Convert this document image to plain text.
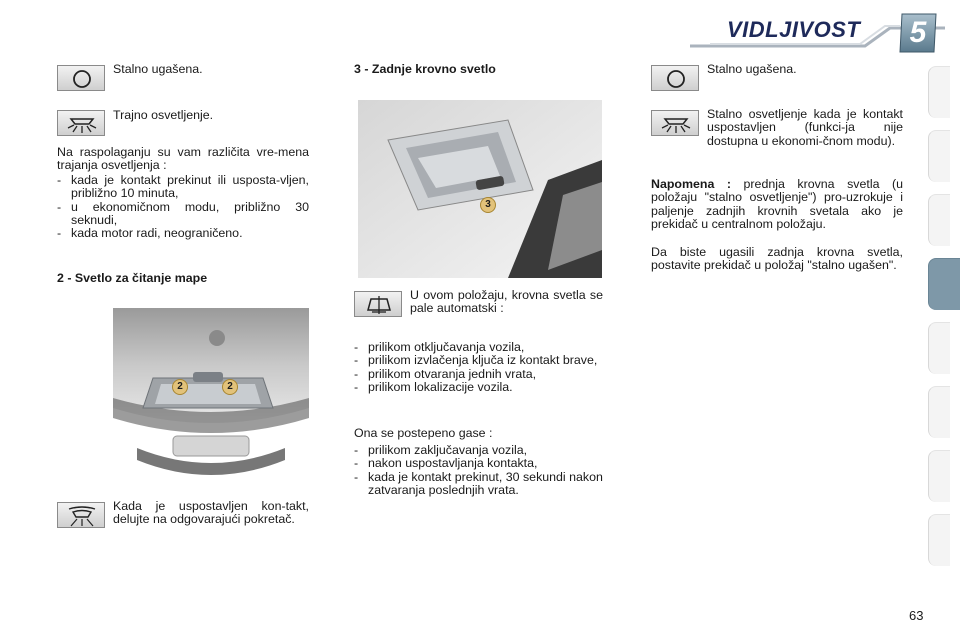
VIDLJIVOST	5
Stalno ugašena.
Trajno osvetljenje.
Na raspolaganju su vam različita vre-mena trajanja osvetljenja :
- kada je kontakt prekinut ili usposta-vljen, približno 10 minuta,
- u ekonomičnom modu, približno 30 seknudi,
- kada motor radi, neograničeno.
2 - Svetlo za čitanje mape
2	2
Kada je uspostavljen kon-takt, delujte na odgovarajući pokretač.
3 - Zadnje krovno svetlo
3
U ovom položaju, krovna svetla se pale automatski :
- prilikom otključavanja vozila,
- prilikom izvlačenja ključa iz kontakt brave,
- prilikom otvaranja jednih vrata,
- prilikom lokalizacije vozila.
Ona se postepeno gase :
- prilikom zaključavanja vozila,
- nakon uspostavljanja kontakta,
- kada je kontakt prekinut, 30 sekundi nakon zatvaranja poslednjih vrata.
Stalno ugašena.
Stalno osvetljenje kada je kontakt uspostavljen (funkci-ja nije dostupna u ekonomi-čnom modu).
Napomena : prednja krovna svetla (u položaju "stalno osvetljenje") pro-uzrokuje i paljenje zadnjih krovnih svetala ako je prekidač u centralnom položaju.
Da biste ugasili zadnja krovna svetla, postavite prekidač u položaj "stalno ugašen".
63
